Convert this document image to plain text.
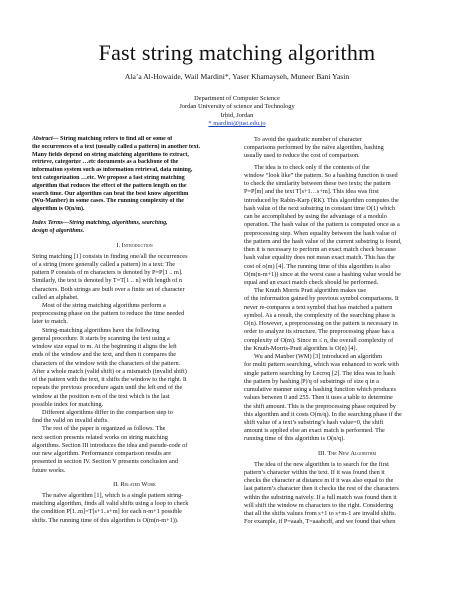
Fast string matching algorithm
Ala’a Al-Howaide, Wail Mardini*, Yaser Khamayseh, Muneer Bani Yasin
Department of Computer Science
Jordan University of science and Technology
Irbid, Jordan
* mardini@just.edu.jo
Abstract— String matching refers to find all or some of
the occurrences of a text (usually called a pattern) in another text.
Many fields depend on string matching algorithms to extract,
retrieve, categorize …etc documents as a backbone of the
information system such as information retrieval, data mining,
text categorization …etc. We propose a fast string matching
algorithm that reduces the effect of the pattern length on the
search time. Our algorithm can beat the best know algorithm
(Wu-Manber) in some cases. The running complexity of the
algorithm is O(n/m).
Index Terms—String matching, algorithms, searching,
design of algorithms.
I. Introduction
String matching [1] consists in finding one/all the occurrences
of a string (more generally called a pattern) in a text: The
pattern P consists of m characters is denoted by P=P[1 .. m].
Similarly, the text is denoted by T=T[1 .. n] with length of n
characters. Both strings are built over a finite set of character
called an alphabet.
Most of the string matching algorithms perform a
preprocessing phase on the pattern to reduce the time needed
later to match.
String-matching algorithms have the following
general procedure. It starts by scanning the text using a
window size equal to m. At the beginning it aligns the left
ends of the window and the text, and then it compares the
characters of the window with the characters of the pattern.
After a whole match (valid shift) or a mismatch (invalid shift)
of the pattern with the text, it shifts the window to the right. It
repeats the previous procedure again until the left end of the
window at the position n-m of the text which is the last
possible index for matching.
Different algorithms differ in the comparison step to
find the valid on invalid shifts.
The rest of the paper is organized as follows. The
next section presents related works on string matching
algorithms. Section III introduces the idea and pseude-code of
our new algorithm. Performance comparison results are
presented in section IV. Section V presents conclusion and
future works.
II. Related Work
The naïve algorithm [1], which is a single pattern string-
matching algorithm, finds all valid shifts using a loop to check
the condition P[1..m]=T[s+1..s+m] for each n-m+1 possible
shifts. The running time of this algorithm is O(m(n-m+1)).
To avoid the quadratic number of character
comparisons performed by the naïve algorithm, hashing
usually used to reduce the cost of comparison.
The idea is to check only if the contents of the
window “look like” the pattern. So a hashing function is used
to check the similarity between these two texts; the pattern
P=P[m] and the text T[s+1…s+m]. This idea was first
introduced by Rabin-Karp (RK). This algorithm computes the
hash value of the next substring in constant time O(1) which
can be accomplished by using the advantage of a modulo
operation. The hash value of the pattern is computed once as a
preprocessing step. When equality between the hash value of
the pattern and the hash value of the current substring is found,
then it is necessary to perform an exact match check because
hash value equality does not mean exact match. This has the
cost of o(m) [4]. The running time of this algorithm is also
O(m(n-m+1)) since at the worst case a hashing value would be
equal and an exact match check should be performed.
The Knuth Morris Pratt algorithm makes use
of the information gained by previous symbol comparisons. It
never re-compares a text symbol that has matched a pattern
symbol. As a result, the complexity of the searching phase is
O(n). However, a preprocessing on the pattern is necessary in
order to analyze its structure. The preprocessing phase has a
complexity of O(m). Since m ≤ n, the overall complexity of
the Knuth-Morris-Pratt algorithm is O(n) [4].
Wu and Manber (WM) [3] introduced an algorithm
for multi pattern searching, which was enhanced to work with
single pattern searching by Lecroq [2]. The idea was to hash
the pattern by hashing |P|/q of substrings of size q in a
cumulative manner using a hashing function which produces
values between 0 and 255. Then it uses a table to determine
the shift amount. This is the preprocessing phase required by
this algorithm and it costs O(m/q). In the searching phase if the
shift value of a text’s substring’s hash value=0, the shift
amount is applied else an exact match is performed. The
running time of this algorithm is O(n/q).
III. The New Algorithm
The idea of the new algorithm is to search for the first
pattern’s character within the text. If it was found then it
checks the character at distance m if it was also equal to the
last pattern’s character then it checks the rest of the characters
within the substring naively. If a full match was found then it
will shift the window m characters to the right. Considering
that all the shifts values from s+1 to s+m-1 are invalid shifts.
For example, if P=aaab, T=aaabcdf, and we found that when
